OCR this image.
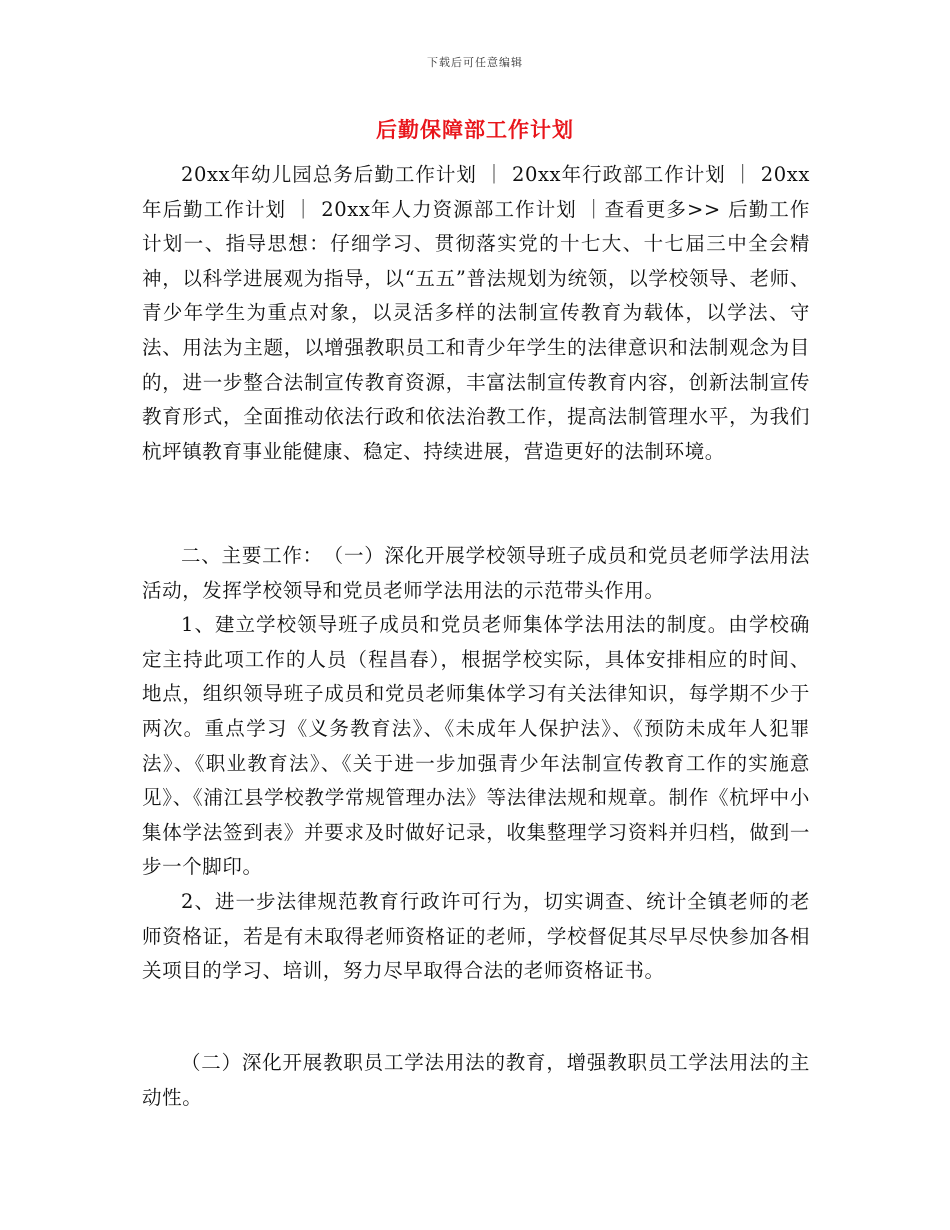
下载后可任意编辑
后勤保障部工作计划

20xx年幼儿园总务后勤工作计划 ｜ 20xx年行政部工作计划 ｜ 20xx年后勤工作计划 ｜ 20xx年人力资源部工作计划 ｜查看更多>> 后勤工作计划一、指导思想：仔细学习、贯彻落实党的十七大、十七届三中全会精神，以科学进展观为指导，以“五五”普法规划为统领，以学校领导、老师、青少年学生为重点对象，以灵活多样的法制宣传教育为载体，以学法、守法、用法为主题，以增强教职员工和青少年学生的法律意识和法制观念为目的，进一步整合法制宣传教育资源，丰富法制宣传教育内容，创新法制宣传教育形式，全面推动依法行政和依法治教工作，提高法制管理水平，为我们杭坪镇教育事业能健康、稳定、持续进展，营造更好的法制环境。

二、主要工作：　（一）深化开展学校领导班子成员和党员老师学法用法活动，发挥学校领导和党员老师学法用法的示范带头作用。

1、建立学校领导班子成员和党员老师集体学法用法的制度。由学校确定主持此项工作的人员（程昌春），根据学校实际，具体安排相应的时间、地点，组织领导班子成员和党员老师集体学习有关法律知识，每学期不少于两次。重点学习《义务教育法》、《未成年人保护法》、《预防未成年人犯罪法》、《职业教育法》、《关于进一步加强青少年法制宣传教育工作的实施意见》、《浦江县学校教学常规管理办法》等法律法规和规章。制作《杭坪中小集体学法签到表》并要求及时做好记录，收集整理学习资料并归档，做到一步一个脚印。

2、进一步法律规范教育行政许可行为，切实调查、统计全镇老师的老师资格证，若是有未取得老师资格证的老师，学校督促其尽早尽快参加各相关项目的学习、培训，努力尽早取得合法的老师资格证书。

（二）深化开展教职员工学法用法的教育，增强教职员工学法用法的主动性。
